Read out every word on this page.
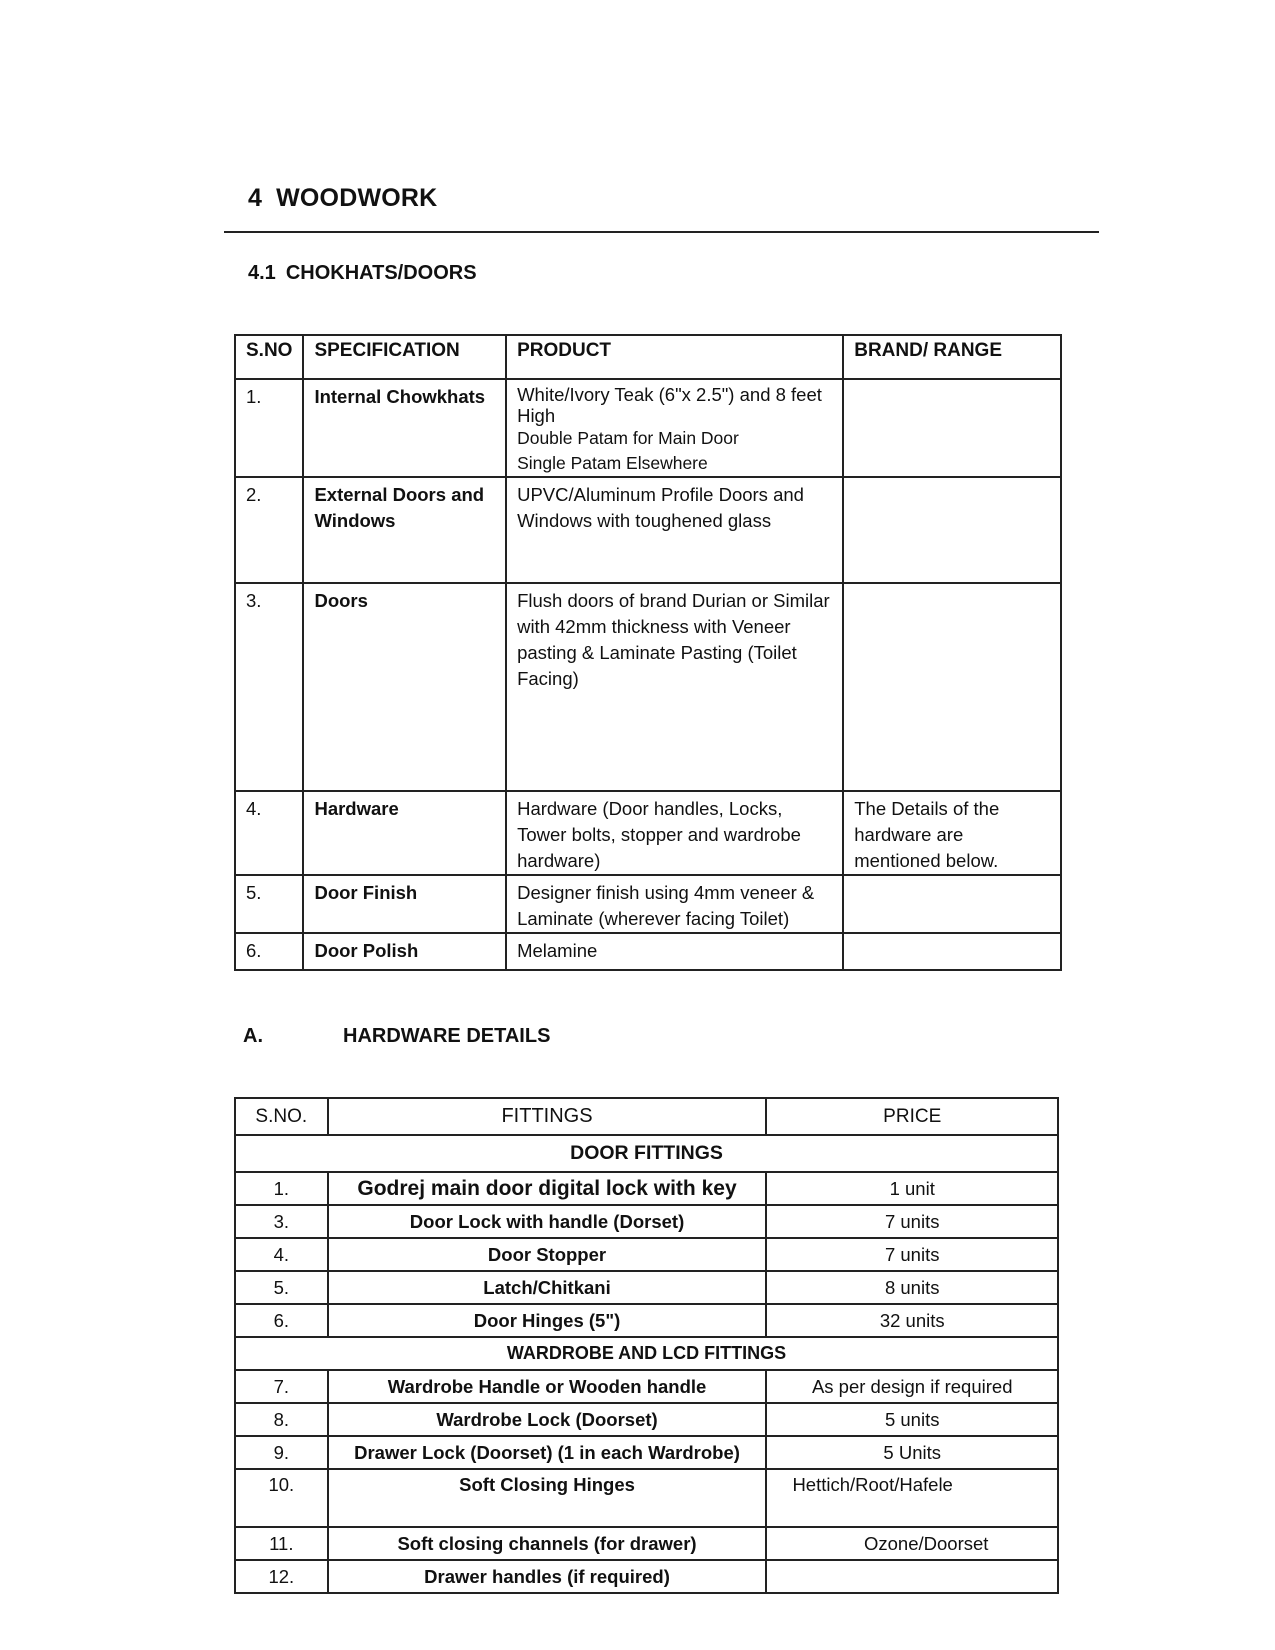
4 WOODWORK
4.1 CHOKHATS/DOORS
S.NO	SPECIFICATION	PRODUCT	BRAND/ RANGE
1.	Internal Chowkhats	White/Ivory Teak (6"x 2.5") and 8 feet High
Double Patam for Main Door
Single Patam Elsewhere	

2.	External Doors and Windows	UPVC/Aluminum Profile Doors and Windows with toughened glass	
3.	Doors	Flush doors of brand Durian or Similar with 42mm thickness with Veneer pasting & Laminate Pasting (Toilet Facing)	
4.	Hardware	Hardware (Door handles, Locks, Tower bolts, stopper and wardrobe hardware)	The Details of the hardware are mentioned below.
5.	Door Finish	Designer finish using 4mm veneer & Laminate (wherever facing Toilet)	
6.	Door Polish	Melamine	
A.	HARDWARE DETAILS
S.NO.	FITTINGS	PRICE
DOOR FITTINGS		
1.	Godrej main door digital lock with key	1 unit
3.	Door Lock with handle (Dorset)	7 units
4.	Door Stopper	7 units
5.	Latch/Chitkani	8 units
6.	Door Hinges (5")	32 units
WARDROBE AND LCD FITTINGS		
7.	Wardrobe Handle or Wooden handle	As per design if required
8.	Wardrobe Lock (Doorset)	5 units
9.	Drawer Lock (Doorset) (1 in each Wardrobe)	5 Units
10.	Soft Closing Hinges	Hettich/Root/Hafele
11.	Soft closing channels (for drawer)	Ozone/Doorset
12.	Drawer handles (if required)	
